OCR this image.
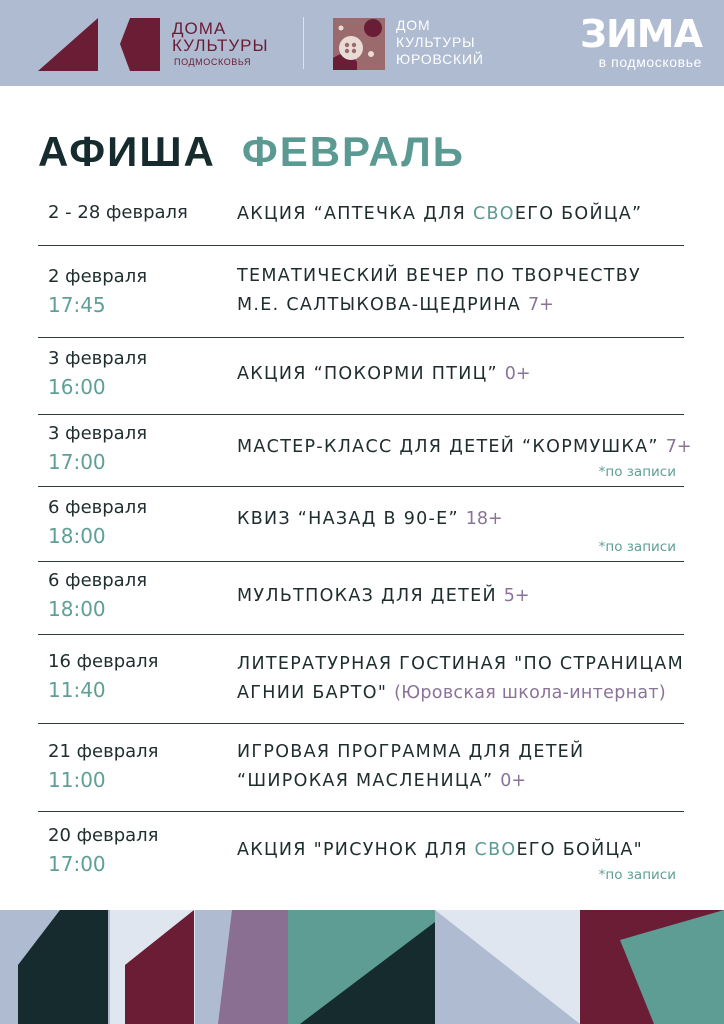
ДОМА
КУЛЬТУРЫ
ПОДМОСКОВЬЯ
ДОМ
КУЛЬТУРЫ
ЮРОВСКИЙ
ЗИМА
в подмосковье
АФИША ФЕВРАЛЬ
2 - 28 февраля	АКЦИЯ “АПТЕЧКА ДЛЯ СВОЕГО БОЙЦА”
2 февраля
17:45
ТЕМАТИЧЕСКИЙ ВЕЧЕР ПО ТВОРЧЕСТВУ
М.Е. САЛТЫКОВА-ЩЕДРИНА 7+
3 февраля
16:00
АКЦИЯ “ПОКОРМИ ПТИЦ” 0+
3 февраля
17:00
МАСТЕР-КЛАСС ДЛЯ ДЕТЕЙ “КОРМУШКА” 7+
*по записи
6 февраля
18:00
КВИЗ “НАЗАД В 90-Е” 18+
*по записи
6 февраля
18:00
МУЛЬТПОКАЗ ДЛЯ ДЕТЕЙ 5+
16 февраля
11:40
ЛИТЕРАТУРНАЯ ГОСТИНАЯ "ПО СТРАНИЦАМ
АГНИИ БАРТО" (Юровская школа-интернат)
21 февраля
11:00
ИГРОВАЯ ПРОГРАММА ДЛЯ ДЕТЕЙ
“ШИРОКАЯ МАСЛЕНИЦА” 0+
20 февраля
17:00
АКЦИЯ "РИСУНОК ДЛЯ СВОЕГО БОЙЦА"
*по записи
